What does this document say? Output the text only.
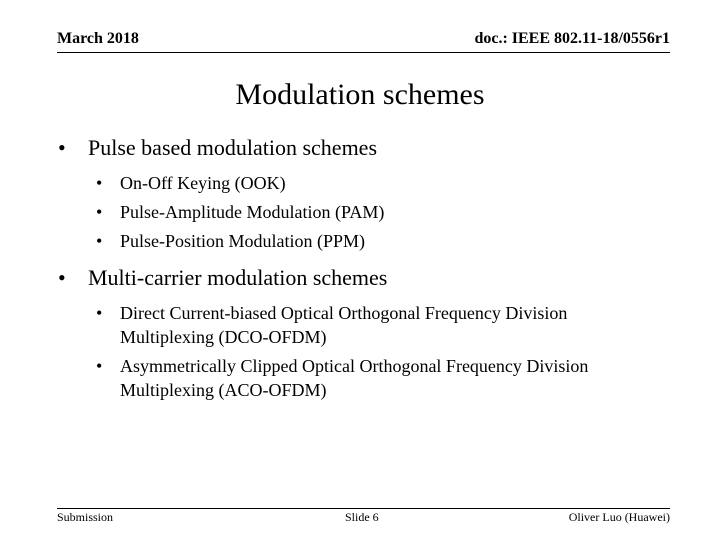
March 2018	doc.: IEEE 802.11-18/0556r1
Modulation schemes
• Pulse based modulation schemes
• On-Off Keying (OOK)
• Pulse-Amplitude Modulation (PAM)
• Pulse-Position Modulation (PPM)
• Multi-carrier modulation schemes
• Direct Current-biased Optical Orthogonal Frequency Division Multiplexing (DCO-OFDM)
• Asymmetrically Clipped Optical Orthogonal Frequency Division Multiplexing (ACO-OFDM)
Submission	Slide 6	Oliver Luo (Huawei)
